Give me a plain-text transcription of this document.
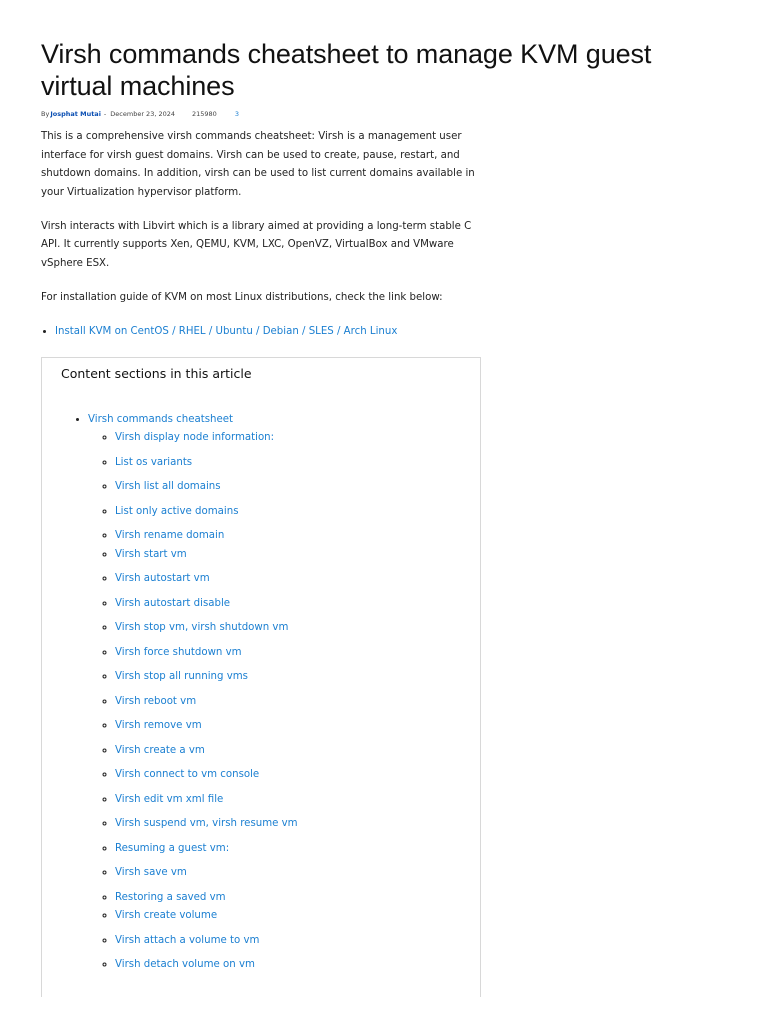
Virsh commands cheatsheet to manage KVM guest virtual machines
By Josphat Mutai - December 23, 2024	215980	3

This is a comprehensive virsh commands cheatsheet: Virsh is a management user interface for virsh guest domains. Virsh can be used to create, pause, restart, and shutdown domains. In addition, virsh can be used to list current domains available in your Virtualization hypervisor platform.

Virsh interacts with Libvirt which is a library aimed at providing a long-term stable C API. It currently supports Xen, QEMU, KVM, LXC, OpenVZ, VirtualBox and VMware vSphere ESX.

For installation guide of KVM on most Linux distributions, check the link below:

• Install KVM on CentOS / RHEL / Ubuntu / Debian / SLES / Arch Linux

Content sections in this article

• Virsh commands cheatsheet
◦ Virsh display node information:
◦ List os variants
◦ Virsh list all domains
◦ List only active domains
◦ Virsh rename domain
◦ Virsh start vm
◦ Virsh autostart vm
◦ Virsh autostart disable
◦ Virsh stop vm, virsh shutdown vm
◦ Virsh force shutdown vm
◦ Virsh stop all running vms
◦ Virsh reboot vm
◦ Virsh remove vm
◦ Virsh create a vm
◦ Virsh connect to vm console
◦ Virsh edit vm xml file
◦ Virsh suspend vm, virsh resume vm
◦ Resuming a guest vm:
◦ Virsh save vm
◦ Restoring a saved vm
◦ Virsh create volume
◦ Virsh attach a volume to vm
◦ Virsh detach volume on vm
